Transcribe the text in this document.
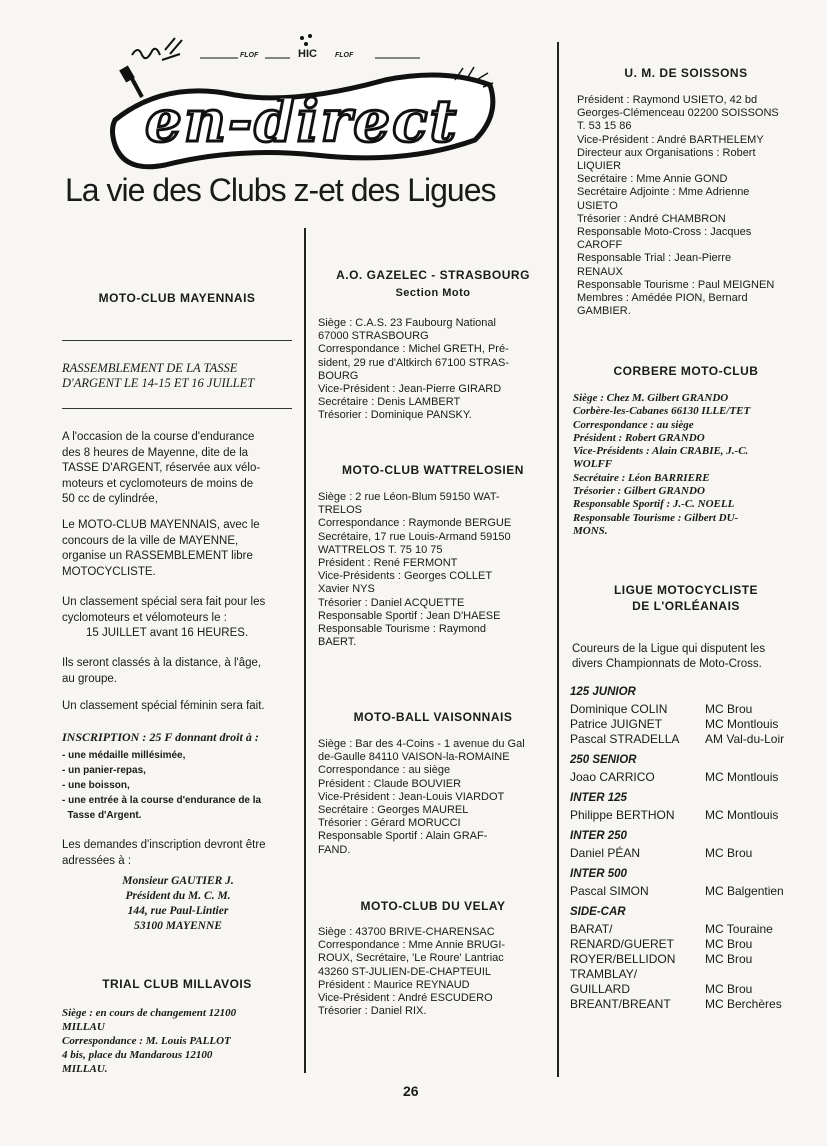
FLOF	HIC	FLOF
en-direct
La vie des Clubs z-et des Ligues
MOTO-CLUB MAYENNAIS

RASSEMBLEMENT DE LA TASSE

D'ARGENT LE 14-15 ET 16 JUILLET

A l'occasion de la course d'endurance

des 8 heures de Mayenne, dite de la

TASSE D'ARGENT, réservée aux vélo-

moteurs et cyclomoteurs de moins de

50 cc de cylindrée,

Le MOTO-CLUB MAYENNAIS, avec le

concours de la ville de MAYENNE,

organise un RASSEMBLEMENT libre

MOTOCYCLISTE.

Un classement spécial sera fait pour les

cyclomoteurs et vélomoteurs le :

15 JUILLET avant 16 HEURES.

Ils seront classés à la distance, à l'âge,

au groupe.

Un classement spécial féminin sera fait.

INSCRIPTION : 25 F donnant droit à :

- une médaille millésimée,

- un panier-repas,

- une boisson,

- une entrée à la course d'endurance de la

Tasse d'Argent.

Les demandes d'inscription devront être

adressées à :

Monsieur GAUTIER J.

Président du M. C. M.

144, rue Paul-Lintier

53100 MAYENNE

TRIAL CLUB MILLAVOIS

Siège : en cours de changement 12100

MILLAU

Correspondance : M. Louis PALLOT

4 bis, place du Mandarous 12100

MILLAU.

A.O. GAZELEC - STRASBOURG
Section Moto

Siège : C.A.S. 23 Faubourg National

67000 STRASBOURG

Correspondance : Michel GRETH, Pré-

sident, 29 rue d'Altkirch 67100 STRAS-

BOURG

Vice-Président : Jean-Pierre GIRARD

Secrétaire : Denis LAMBERT

Trésorier : Dominique PANSKY.

MOTO-CLUB WATTRELOSIEN

Siège : 2 rue Léon-Blum 59150 WAT-

TRELOS

Correspondance : Raymonde BERGUE

Secrétaire, 17 rue Louis-Armand 59150

WATTRELOS T. 75 10 75

Président : René FERMONT

Vice-Présidents : Georges COLLET

Xavier NYS

Trésorier : Daniel ACQUETTE

Responsable Sportif : Jean D'HAESE

Responsable Tourisme : Raymond

BAERT.

MOTO-BALL VAISONNAIS

Siège : Bar des 4-Coins - 1 avenue du Gal

de-Gaulle 84110 VAISON-la-ROMAINE

Correspondance : au siège

Président : Claude BOUVIER

Vice-Président : Jean-Louis VIARDOT

Secrétaire : Georges MAUREL

Trésorier : Gérard MORUCCI

Responsable Sportif : Alain GRAF-

FAND.

MOTO-CLUB DU VELAY

Siège : 43700 BRIVE-CHARENSAC

Correspondance : Mme Annie BRUGI-

ROUX, Secrétaire, 'Le Roure' Lantriac

43260 ST-JULIEN-DE-CHAPTEUIL

Président : Maurice REYNAUD

Vice-Président : André ESCUDERO

Trésorier : Daniel RIX.

U. M. DE SOISSONS

Président : Raymond USIETO, 42 bd

Georges-Clémenceau 02200 SOISSONS

T. 53 15 86

Vice-Président : André BARTHELEMY

Directeur aux Organisations : Robert

LIQUIER

Secrétaire : Mme Annie GOND

Secrétaire Adjointe : Mme Adrienne

USIETO

Trésorier : André CHAMBRON

Responsable Moto-Cross : Jacques

CAROFF

Responsable Trial : Jean-Pierre

RENAUX

Responsable Tourisme : Paul MEIGNEN

Membres : Amédée PION, Bernard

GAMBIER.

CORBERE MOTO-CLUB

Siège : Chez M. Gilbert GRANDO

Corbère-les-Cabanes 66130 ILLE/TET

Correspondance : au siège

Président : Robert GRANDO

Vice-Présidents : Alain CRABIE, J.-C.

WOLFF

Secrétaire : Léon BARRIERE

Trésorier : Gilbert GRANDO

Responsable Sportif : J.-C. NOELL

Responsable Tourisme : Gilbert DU-

MONS.

LIGUE MOTOCYCLISTE
DE L'ORLÉANAIS

Coureurs de la Ligue qui disputent les

divers Championnats de Moto-Cross.

125 JUNIOR
Dominique COLIN	MC Brou
Patrice JUIGNET	MC Montlouis
Pascal STRADELLA	AM Val-du-Loir
250 SENIOR
Joao CARRICO	MC Montlouis
INTER 125
Philippe BERTHON	MC Montlouis
INTER 250
Daniel PÉAN	MC Brou
INTER 500
Pascal SIMON	MC Balgentien
SIDE-CAR
BARAT/	MC Touraine
RENARD/GUERET	MC Brou
ROYER/BELLIDON	MC Brou
TRAMBLAY/
GUILLARD	MC Brou
BREANT/BREANT	MC Berchères
26
